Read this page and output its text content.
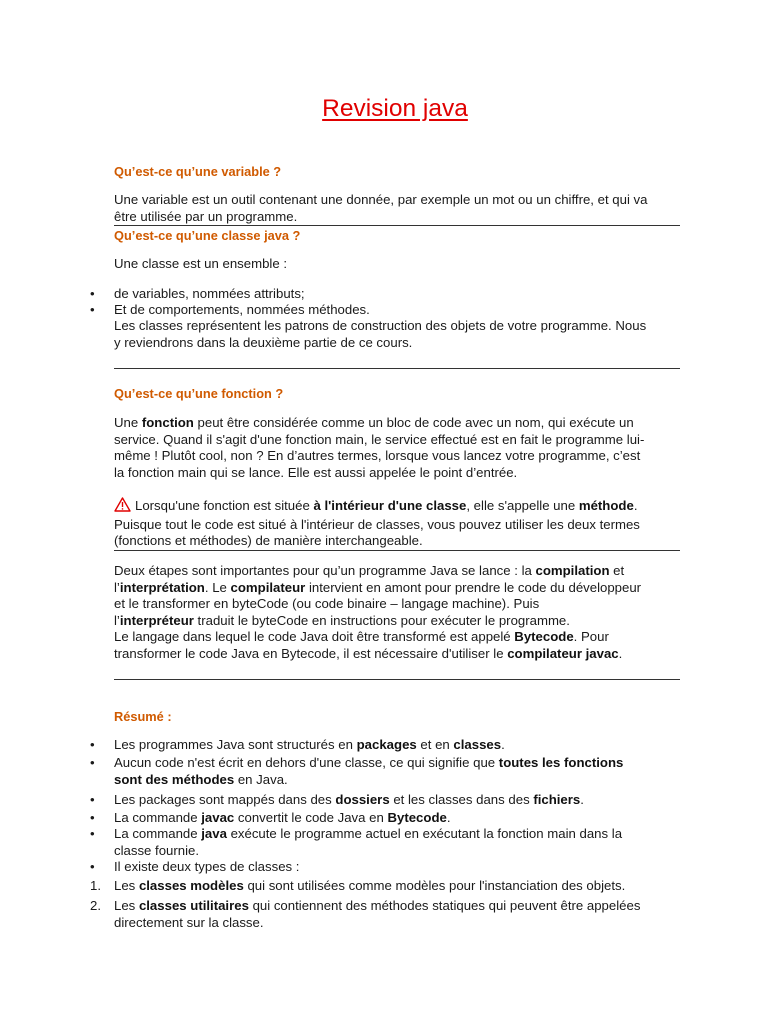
Revision java
Qu’est-ce qu’une variable ?
Une variable est un outil contenant une donnée, par exemple un mot ou un chiffre, et qui va
être utilisée par un programme.
Qu’est-ce qu’une classe java ?
Une classe est un ensemble :
• de variables, nommées attributs;
• Et de comportements, nommées méthodes.
Les classes représentent les patrons de construction des objets de votre programme. Nous
y reviendrons dans la deuxième partie de ce cours.
Qu’est-ce qu’une fonction ?
Une fonction peut être considérée comme un bloc de code avec un nom, qui exécute un
service. Quand il s'agit d'une fonction main, le service effectué est en fait le programme lui-
même ! Plutôt cool, non ? En d’autres termes, lorsque vous lancez votre programme, c’est
la fonction main qui se lance. Elle est aussi appelée le point d’entrée.
Lorsqu'une fonction est située à l'intérieur d'une classe, elle s'appelle une méthode.
Puisque tout le code est situé à l'intérieur de classes, vous pouvez utiliser les deux termes
(fonctions et méthodes) de manière interchangeable.
Deux étapes sont importantes pour qu’un programme Java se lance : la compilation et
l’interprétation. Le compilateur intervient en amont pour prendre le code du développeur
et le transformer en byteCode (ou code binaire – langage machine). Puis
l’interpréteur traduit le byteCode en instructions pour exécuter le programme.
Le langage dans lequel le code Java doit être transformé est appelé Bytecode. Pour
transformer le code Java en Bytecode, il est nécessaire d'utiliser le compilateur javac.
Résumé :
• Les programmes Java sont structurés en packages et en classes.
• Aucun code n'est écrit en dehors d'une classe, ce qui signifie que toutes les fonctions
sont des méthodes en Java.
• Les packages sont mappés dans des dossiers et les classes dans des fichiers.
• La commande javac convertit le code Java en Bytecode.
• La commande java exécute le programme actuel en exécutant la fonction main dans la
classe fournie.
• Il existe deux types de classes :
1. Les classes modèles qui sont utilisées comme modèles pour l'instanciation des objets.
2. Les classes utilitaires qui contiennent des méthodes statiques qui peuvent être appelées
directement sur la classe.
